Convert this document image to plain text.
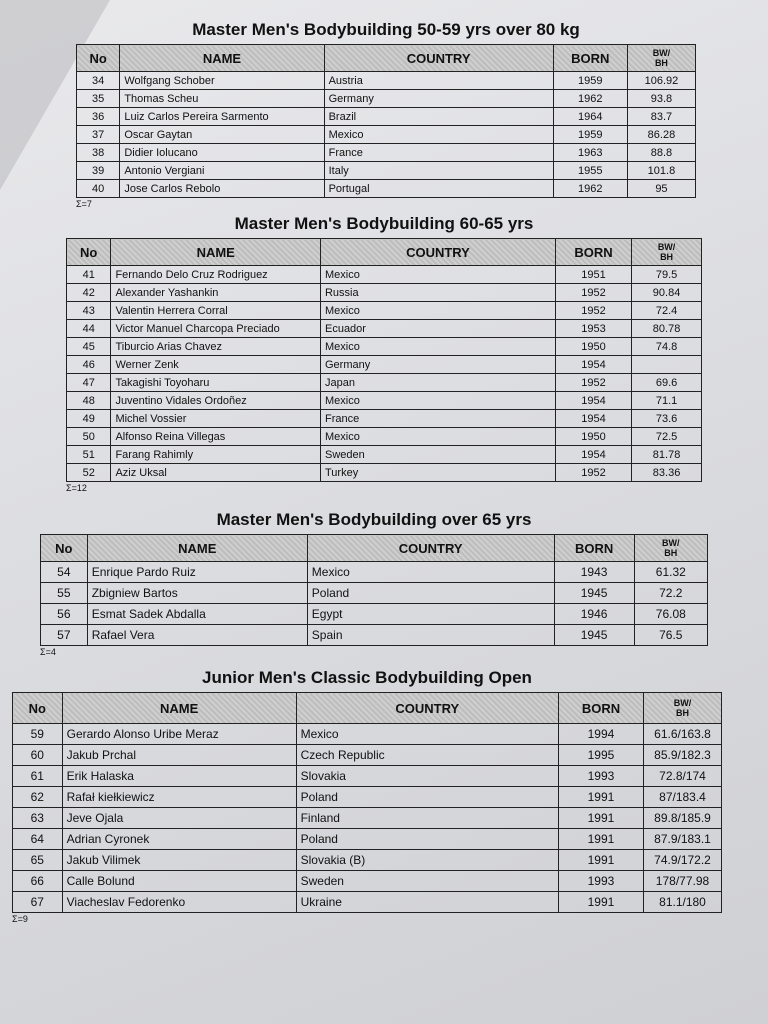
Master Men's Bodybuilding 50-59 yrs over 80 kg
No	NAME	COUNTRY	BORN	BW/
BH
34	Wolfgang Schober	Austria	1959	106.92
35	Thomas Scheu	Germany	1962	93.8
36	Luiz Carlos Pereira Sarmento	Brazil	1964	83.7
37	Oscar Gaytan	Mexico	1959	86.28
38	Didier Iolucano	France	1963	88.8
39	Antonio Vergiani	Italy	1955	101.8
40	Jose Carlos Rebolo	Portugal	1962	95
Σ=7
Master Men's Bodybuilding 60-65 yrs
No	NAME	COUNTRY	BORN	BW/
BH
41	Fernando Delo Cruz Rodriguez	Mexico	1951	79.5
42	Alexander Yashankin	Russia	1952	90.84
43	Valentin Herrera Corral	Mexico	1952	72.4
44	Victor Manuel Charcopa Preciado	Ecuador	1953	80.78
45	Tiburcio Arias Chavez	Mexico	1950	74.8
46	Werner Zenk	Germany	1954	
47	Takagishi Toyoharu	Japan	1952	69.6
48	Juventino Vidales Ordoñez	Mexico	1954	71.1
49	Michel Vossier	France	1954	73.6
50	Alfonso Reina Villegas	Mexico	1950	72.5
51	Farang Rahimly	Sweden	1954	81.78
52	Aziz Uksal	Turkey	1952	83.36
Σ=12
Master Men's Bodybuilding over 65 yrs
No	NAME	COUNTRY	BORN	BW/
BH
54	Enrique Pardo Ruiz	Mexico	1943	61.32
55	Zbigniew Bartos	Poland	1945	72.2
56	Esmat Sadek Abdalla	Egypt	1946	76.08
57	Rafael Vera	Spain	1945	76.5
Σ=4
Junior Men's Classic Bodybuilding Open
No	NAME	COUNTRY	BORN	BW/
BH
59	Gerardo Alonso Uribe Meraz	Mexico	1994	61.6/163.8
60	Jakub Prchal	Czech Republic	1995	85.9/182.3
61	Erik Halaska	Slovakia	1993	72.8/174
62	Rafał kiełkiewicz	Poland	1991	87/183.4
63	Jeve Ojala	Finland	1991	89.8/185.9
64	Adrian Cyronek	Poland	1991	87.9/183.1
65	Jakub Vilimek	Slovakia (B)	1991	74.9/172.2
66	Calle Bolund	Sweden	1993	178/77.98
67	Viacheslav Fedorenko	Ukraine	1991	81.1/180
Σ=9
